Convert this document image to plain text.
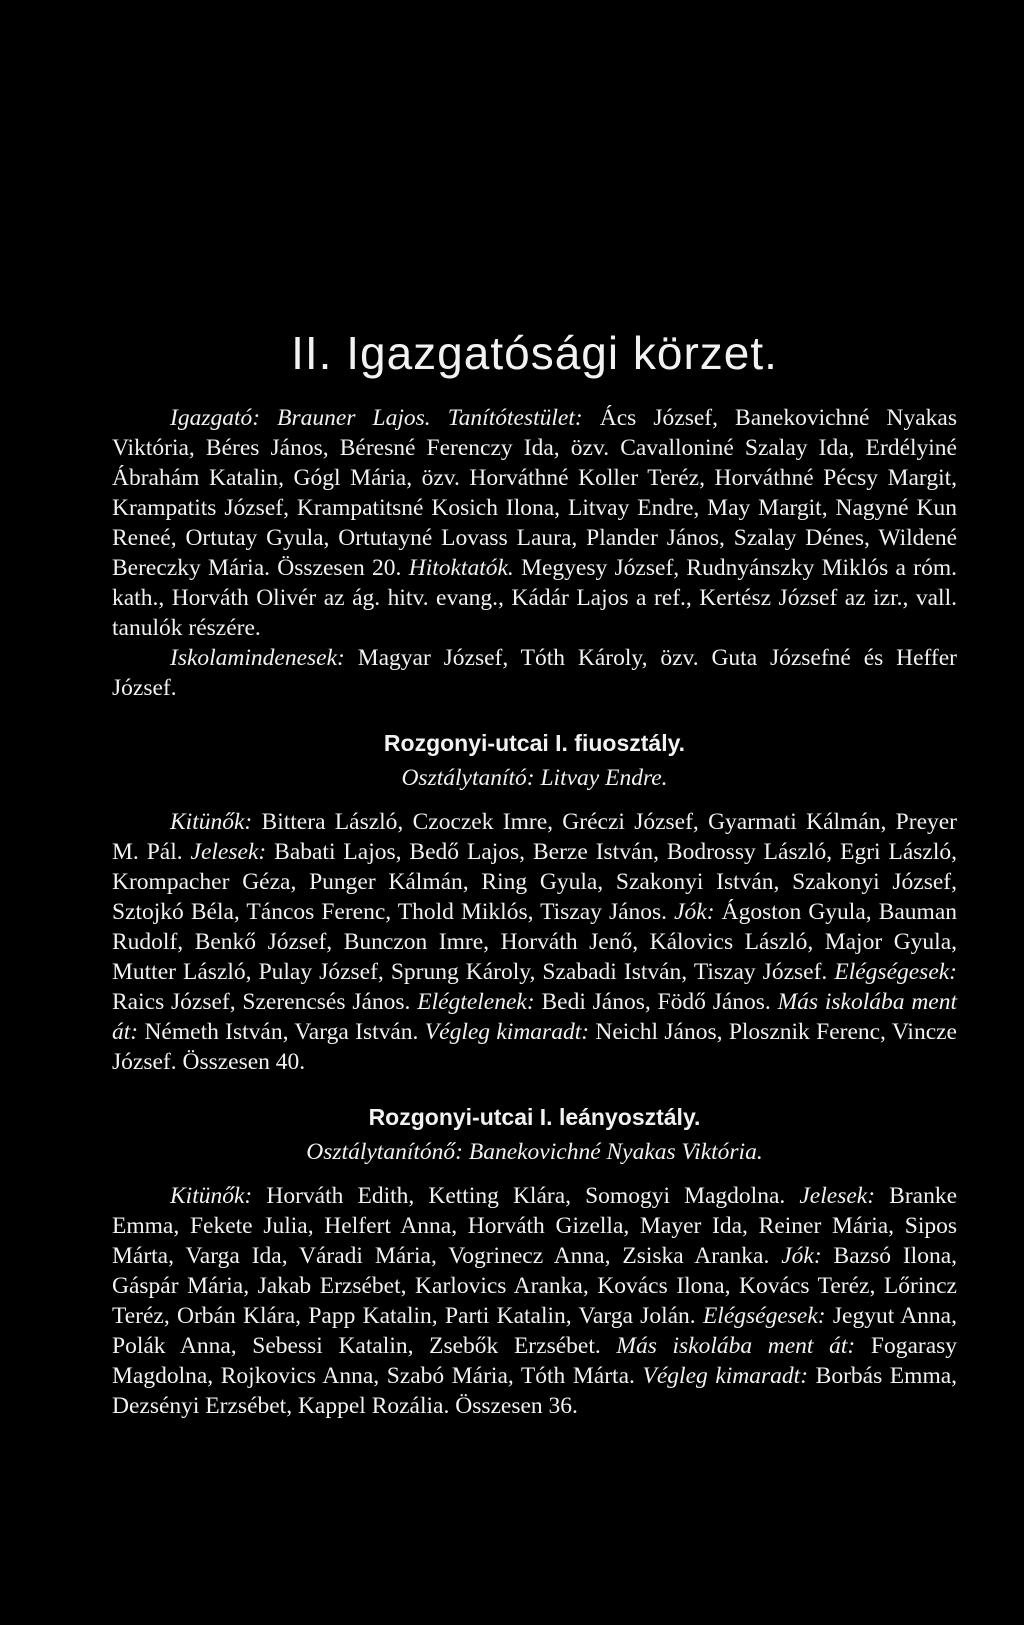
II. Igazgatósági körzet.

Igazgató: Brauner Lajos. Tanítótestület: Ács József, Banekovichné Nyakas Viktória, Béres János, Béresné Ferenczy Ida, özv. Cavalloniné Szalay Ida, Erdélyiné Ábrahám Katalin, Gógl Mária, özv. Horváthné Koller Teréz, Horváthné Pécsy Margit, Krampatits József, Krampatitsné Kosich Ilona, Litvay Endre, May Margit, Nagyné Kun Reneé, Ortutay Gyula, Ortutayné Lovass Laura, Plander János, Szalay Dénes, Wildené Bereczky Mária. Összesen 20. Hitoktatók. Megyesy József, Rudnyánszky Miklós a róm. kath., Horváth Olivér az ág. hitv. evang., Kádár Lajos a ref., Kertész József az izr., vall. tanulók részére.

Iskolamindenesek: Magyar József, Tóth Károly, özv. Guta Józsefné és Heffer József.

Rozgonyi-utcai I. fiuosztály.
Osztálytanító: Litvay Endre.

Kitünők: Bittera László, Czoczek Imre, Gréczi József, Gyarmati Kálmán, Preyer M. Pál. Jelesek: Babati Lajos, Bedő Lajos, Berze István, Bodrossy László, Egri László, Krompacher Géza, Punger Kálmán, Ring Gyula, Szakonyi István, Szakonyi József, Sztojkó Béla, Táncos Ferenc, Thold Miklós, Tiszay János. Jók: Ágoston Gyula, Bauman Rudolf, Benkő József, Bunczon Imre, Horváth Jenő, Kálovics László, Major Gyula, Mutter László, Pulay József, Sprung Károly, Szabadi István, Tiszay József. Elégségesek: Raics József, Szerencsés János. Elégtelenek: Bedi János, Födő János. Más iskolába ment át: Németh István, Varga István. Végleg kimaradt: Neichl János, Plosznik Ferenc, Vincze József. Összesen 40.

Rozgonyi-utcai I. leányosztály.
Osztálytanítónő: Banekovichné Nyakas Viktória.

Kitünők: Horváth Edith, Ketting Klára, Somogyi Magdolna. Jelesek: Branke Emma, Fekete Julia, Helfert Anna, Horváth Gizella, Mayer Ida, Reiner Mária, Sipos Márta, Varga Ida, Váradi Mária, Vogrinecz Anna, Zsiska Aranka. Jók: Bazsó Ilona, Gáspár Mária, Jakab Erzsébet, Karlovics Aranka, Kovács Ilona, Kovács Teréz, Lőrincz Teréz, Orbán Klára, Papp Katalin, Parti Katalin, Varga Jolán. Elégségesek: Jegyut Anna, Polák Anna, Sebessi Katalin, Zsebők Erzsébet. Más iskolába ment át: Fogarasy Magdolna, Rojkovics Anna, Szabó Mária, Tóth Márta. Végleg kimaradt: Borbás Emma, Dezsényi Erzsébet, Kappel Rozália. Összesen 36.
